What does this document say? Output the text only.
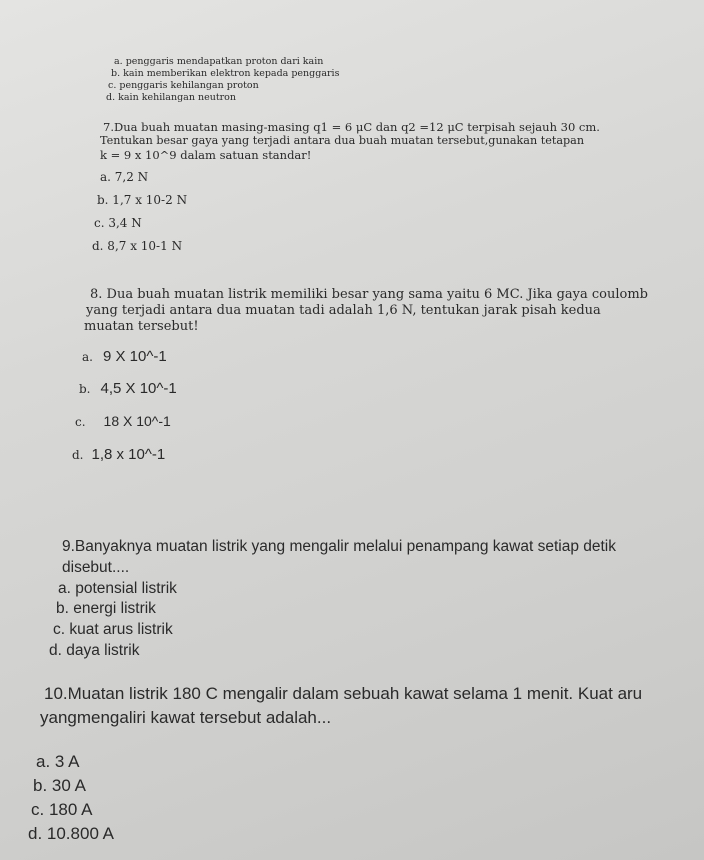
a. penggaris mendapatkan proton dari kain
b. kain memberikan elektron kepada penggaris
c. penggaris kehilangan proton
d. kain kehilangan neutron
7.Dua buah muatan masing-masing q1 = 6 μC dan q2 =12 μC terpisah sejauh 30 cm.
Tentukan besar gaya yang terjadi antara dua buah muatan tersebut,gunakan tetapan
k = 9 x 10^9 dalam satuan standar!
a. 7,2 N
b. 1,7 x 10-2 N
c. 3,4 N
d. 8,7 x 10-1 N
8. Dua buah muatan listrik memiliki besar yang sama yaitu 6 MC. Jika gaya coulomb
yang terjadi antara dua muatan tadi adalah 1,6 N, tentukan jarak pisah kedua
muatan tersebut!
a. 9 X 10^-1
b. 4,5 X 10^-1
c. 18 X 10^-1
d. 1,8 x 10^-1
9.Banyaknya muatan listrik yang mengalir melalui penampang kawat setiap detik
disebut....
a. potensial listrik
b. energi listrik
c. kuat arus listrik
d. daya listrik
10.Muatan listrik 180 C mengalir dalam sebuah kawat selama 1 menit. Kuat aru
yangmengaliri kawat tersebut adalah...
a. 3 A
b. 30 A
c. 180 A
d. 10.800 A
